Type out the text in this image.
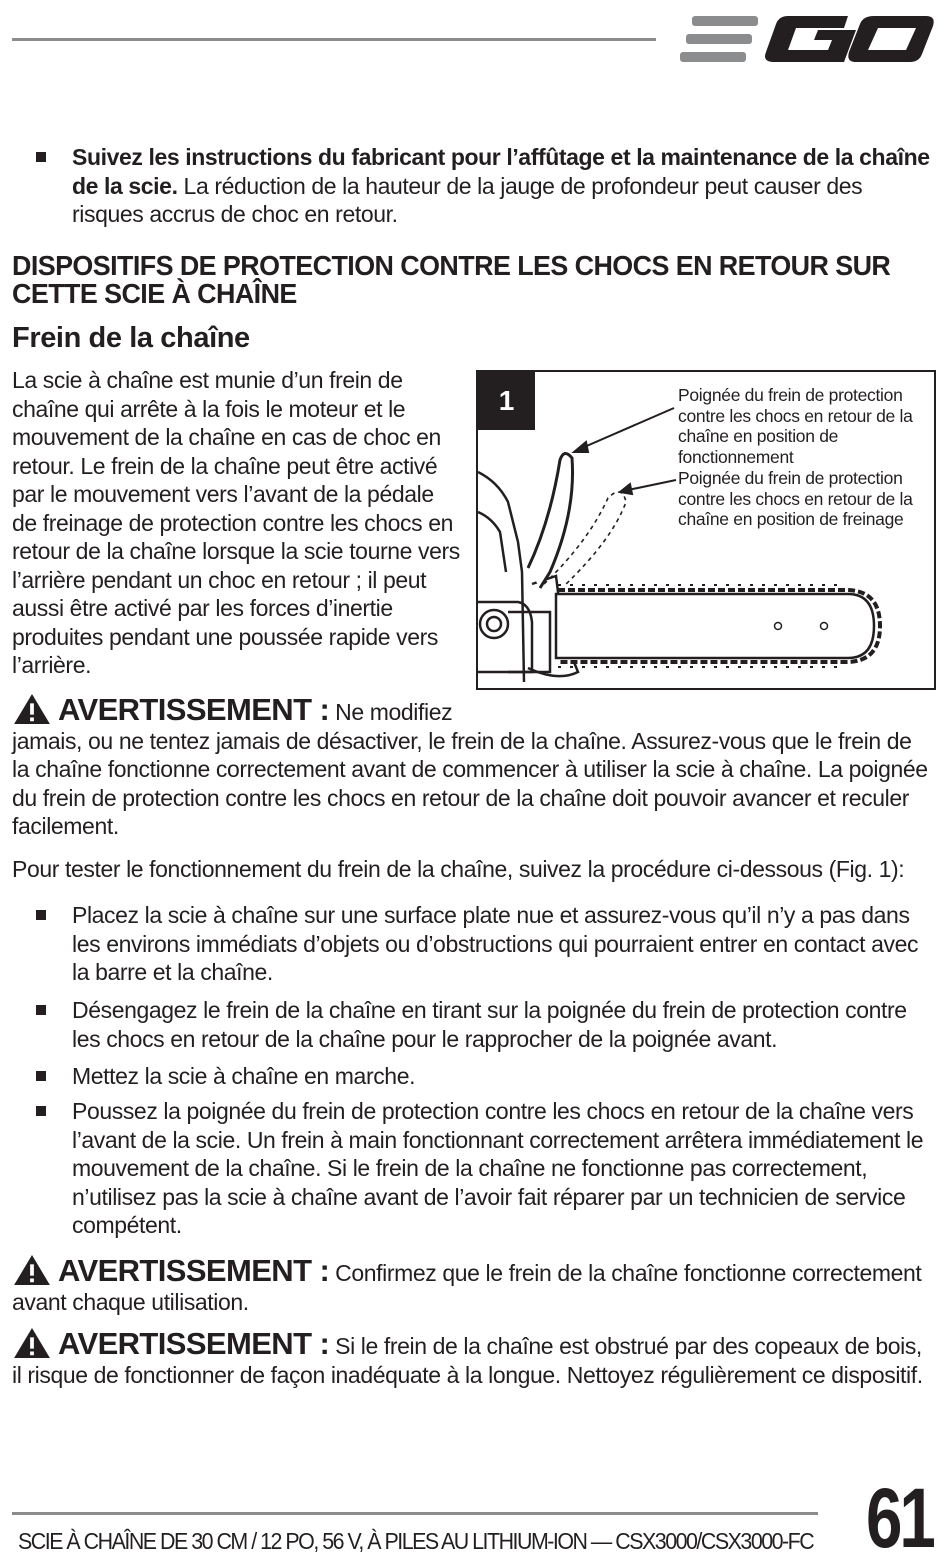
Suivez les instructions du fabricant pour l’affûtage et la maintenance de la chaîne de la scie. La réduction de la hauteur de la jauge de profondeur peut causer des risques accrus de choc en retour.
DISPOSITIFS DE PROTECTION CONTRE LES CHOCS EN RETOUR SUR CETTE SCIE À CHAÎNE
Frein de la chaîne
La scie à chaîne est munie d’un frein de chaîne qui arrête à la fois le moteur et le mouvement de la chaîne en cas de choc en retour. Le frein de la chaîne peut être activé par le mouvement vers l’avant de la pédale de freinage de protection contre les chocs en retour de la chaîne lorsque la scie tourne vers l’arrière pendant un choc en retour ; il peut aussi être activé par les forces d’inertie produites pendant une poussée rapide vers l’arrière.
1	Poignée du frein de protection contre les chocs en retour de la chaîne en position de fonctionnement
Poignée du frein de protection contre les chocs en retour de la chaîne en position de freinage
AVERTISSEMENT : Ne modifiez
jamais, ou ne tentez jamais de désactiver, le frein de la chaîne. Assurez-vous que le frein de la chaîne fonctionne correctement avant de commencer à utiliser la scie à chaîne. La poignée du frein de protection contre les chocs en retour de la chaîne doit pouvoir avancer et reculer facilement.
Pour tester le fonctionnement du frein de la chaîne, suivez la procédure ci-dessous (Fig. 1):
Placez la scie à chaîne sur une surface plate nue et assurez-vous qu’il n’y a pas dans les environs immédiats d’objets ou d’obstructions qui pourraient entrer en contact avec la barre et la chaîne.
Désengagez le frein de la chaîne en tirant sur la poignée du frein de protection contre les chocs en retour de la chaîne pour le rapprocher de la poignée avant.
Mettez la scie à chaîne en marche.
Poussez la poignée du frein de protection contre les chocs en retour de la chaîne vers l’avant de la scie. Un frein à main fonctionnant correctement arrêtera immédiatement le mouvement de la chaîne. Si le frein de la chaîne ne fonctionne pas correctement, n’utilisez pas la scie à chaîne avant de l’avoir fait réparer par un technicien de service compétent.
AVERTISSEMENT : Confirmez que le frein de la chaîne fonctionne correctement avant chaque utilisation.
AVERTISSEMENT : Si le frein de la chaîne est obstrué par des copeaux de bois, il risque de fonctionner de façon inadéquate à la longue. Nettoyez régulièrement ce dispositif.
SCIE À CHAÎNE DE 30 CM / 12 PO, 56 V, À PILES AU LITHIUM-ION — CSX3000/CSX3000-FC 61
